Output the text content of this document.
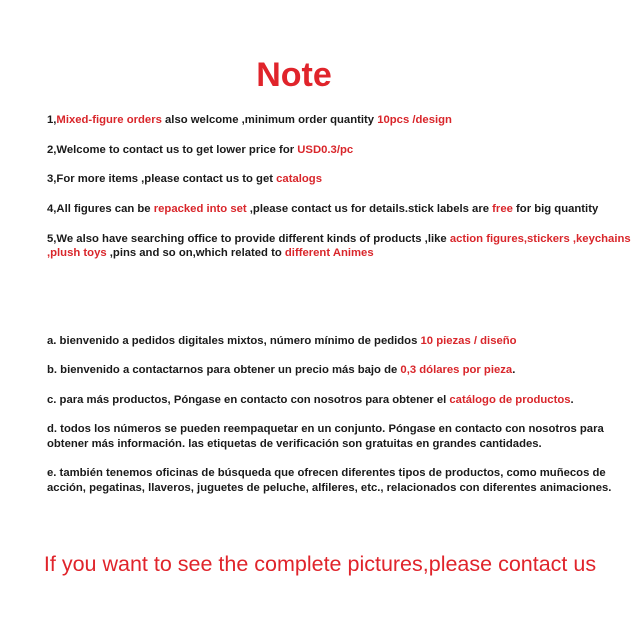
Note
1,Mixed-figure orders also welcome ,minimum order quantity 10pcs /design
2,Welcome to contact us to get lower price for USD0.3/pc
3,For more items ,please contact us to get catalogs
4,All figures can be repacked into set ,please contact us for details.stick labels are free for big quantity
5,We also have searching office to provide different kinds of products ,like action figures,stickers ,keychains
,plush toys ,pins and so on,which related to different Animes
a. bienvenido a pedidos digitales mixtos, número mínimo de pedidos 10 piezas / diseño
b. bienvenido a contactarnos para obtener un precio más bajo de 0,3 dólares por pieza.
c. para más productos, Póngase en contacto con nosotros para obtener el catálogo de productos.
d. todos los números se pueden reempaquetar en un conjunto. Póngase en contacto con nosotros para obtener más información. las etiquetas de verificación son gratuitas en grandes cantidades.
e. también tenemos oficinas de búsqueda que ofrecen diferentes tipos de productos, como muñecos de acción, pegatinas, llaveros, juguetes de peluche, alfileres, etc., relacionados con diferentes animaciones.
If you want to see the complete pictures,please contact us
